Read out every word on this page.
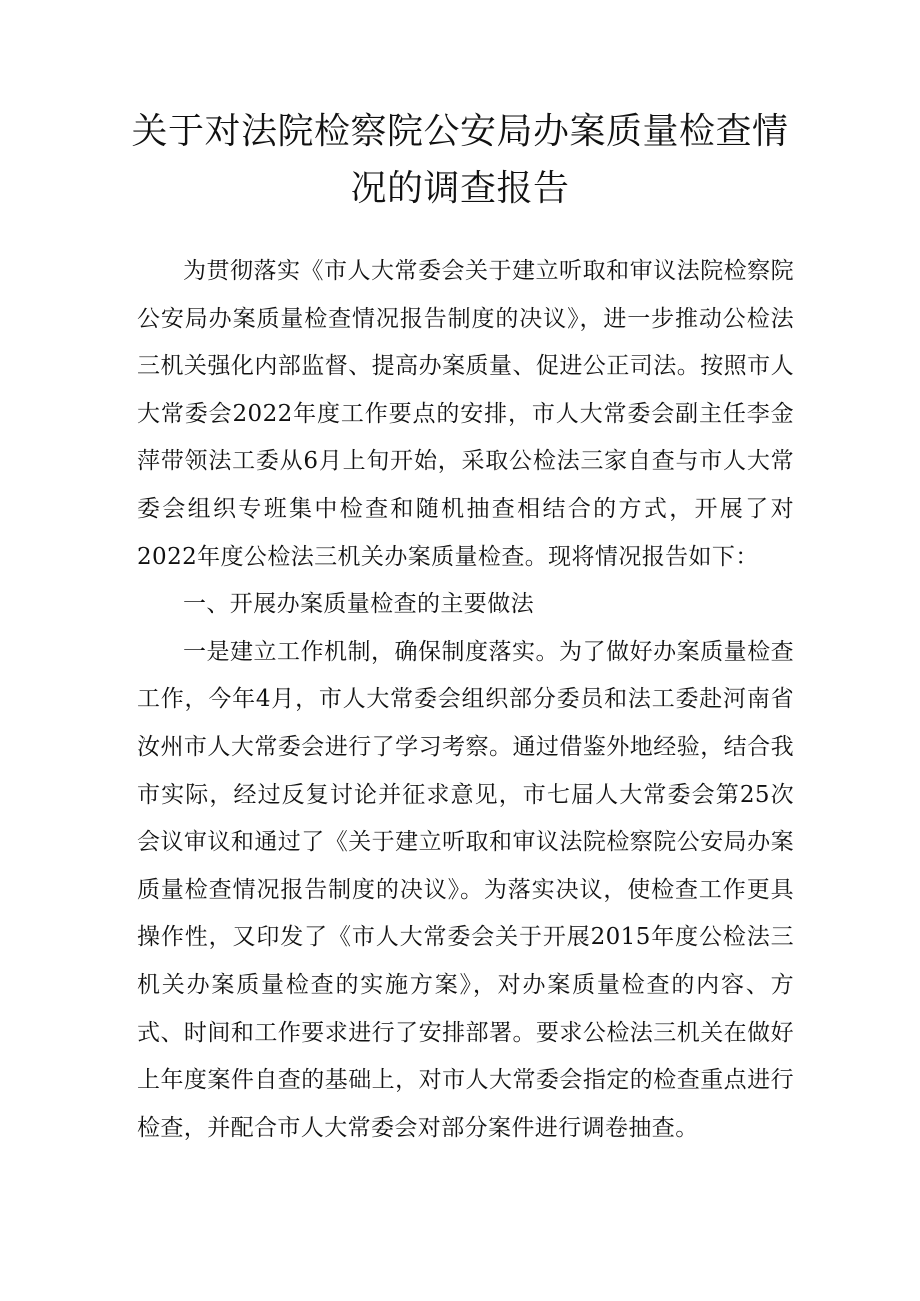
关于对法院检察院公安局办案质量检查情
况的调查报告

为贯彻落实《市人大常委会关于建立听取和审议法院检察院公安局办案质量检查情况报告制度的决议》，进一步推动公检法三机关强化内部监督、提高办案质量、促进公正司法。按照市人大常委会2022年度工作要点的安排，市人大常委会副主任李金萍带领法工委从6月上旬开始，采取公检法三家自查与市人大常委会组织专班集中检查和随机抽查相结合的方式，开展了对2022年度公检法三机关办案质量检查。现将情况报告如下：

一、开展办案质量检查的主要做法

一是建立工作机制，确保制度落实。为了做好办案质量检查工作，今年4月，市人大常委会组织部分委员和法工委赴河南省汝州市人大常委会进行了学习考察。通过借鉴外地经验，结合我市实际，经过反复讨论并征求意见，市七届人大常委会第25次会议审议和通过了《关于建立听取和审议法院检察院公安局办案质量检查情况报告制度的决议》。为落实决议，使检查工作更具操作性，又印发了《市人大常委会关于开展2015年度公检法三机关办案质量检查的实施方案》，对办案质量检查的内容、方式、时间和工作要求进行了安排部署。要求公检法三机关在做好上年度案件自查的基础上，对市人大常委会指定的检查重点进行检查，并配合市人大常委会对部分案件进行调卷抽查。
